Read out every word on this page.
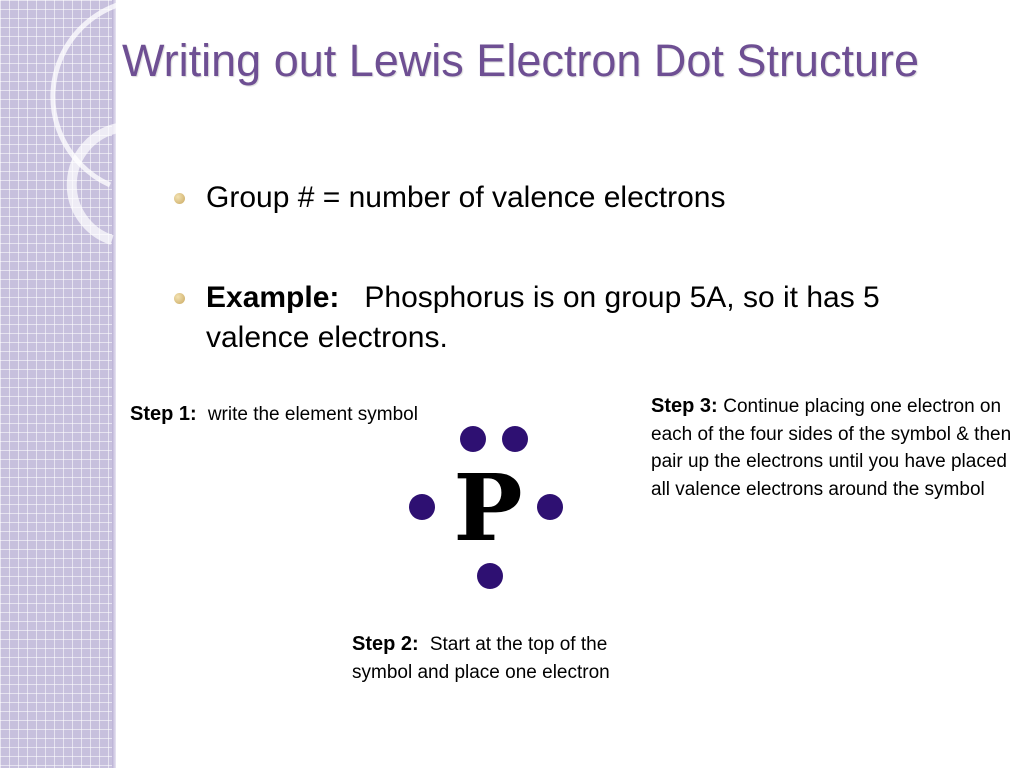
Writing out Lewis Electron Dot Structure
Group # = number of valence electrons
Example:   Phosphorus is on group 5A, so it has 5 valence electrons.
Step 1: write the element symbol
Step 2: Start at the top of the symbol and place one electron
Step 3: Continue placing one electron on each of the four sides of the symbol & then pair up the electrons until you have placed all valence electrons around the symbol
P
